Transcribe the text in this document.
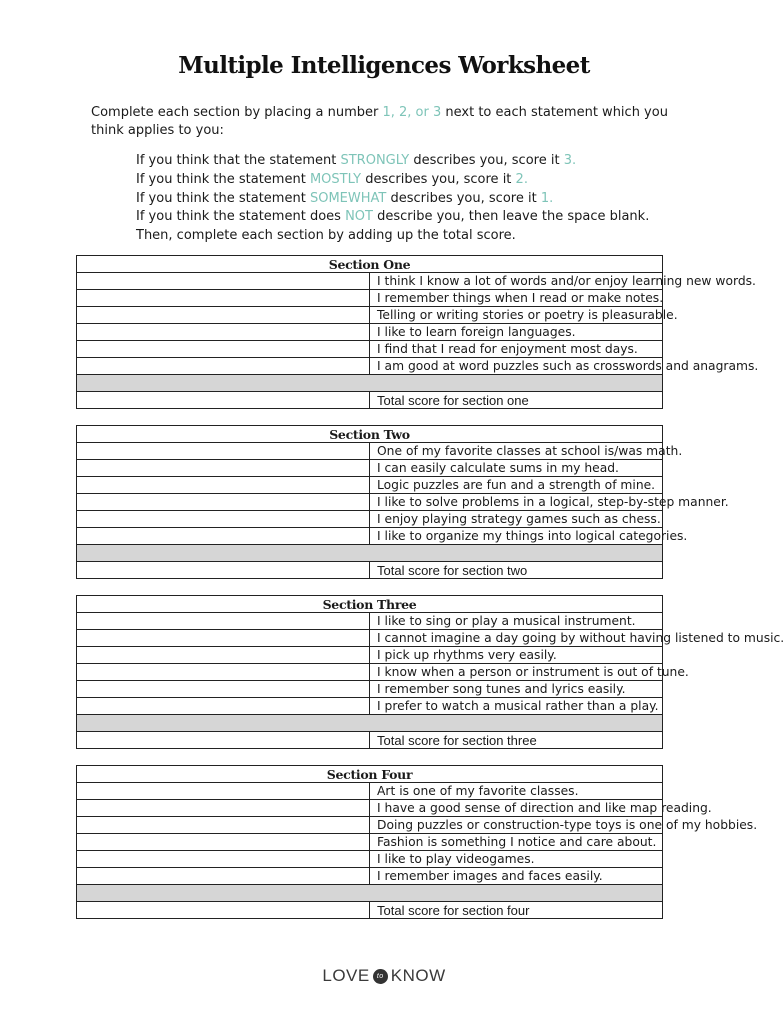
Multiple Intelligences Worksheet
Complete each section by placing a number 1, 2, or 3 next to each statement which you think applies to you:
If you think that the statement STRONGLY describes you, score it 3.
If you think the statement MOSTLY describes you, score it 2.
If you think the statement SOMEWHAT describes you, score it 1.
If you think the statement does NOT describe you, then leave the space blank.
Then, complete each section by adding up the total score.
Section One	
	I think I know a lot of words and/or enjoy learning new words.
	I remember things when I read or make notes.
	Telling or writing stories or poetry is pleasurable.
	I like to learn foreign languages.
	I find that I read for enjoyment most days.
	I am good at word puzzles such as crosswords and anagrams.

	Total score for section one
Section Two	
	One of my favorite classes at school is/was math.
	I can easily calculate sums in my head.
	Logic puzzles are fun and a strength of mine.
	I like to solve problems in a logical, step-by-step manner.
	I enjoy playing strategy games such as chess.
	I like to organize my things into logical categories.

	Total score for section two
Section Three	
	I like to sing or play a musical instrument.
	I cannot imagine a day going by without having listened to music.
	I pick up rhythms very easily.
	I know when a person or instrument is out of tune.
	I remember song tunes and lyrics easily.
	I prefer to watch a musical rather than a play.

	Total score for section three
Section Four	
	Art is one of my favorite classes.
	I have a good sense of direction and like map reading.
	Doing puzzles or construction-type toys is one of my hobbies.
	Fashion is something I notice and care about.
	I like to play videogames.
	I remember images and faces easily.

	Total score for section four
LOVE	to KNOW
